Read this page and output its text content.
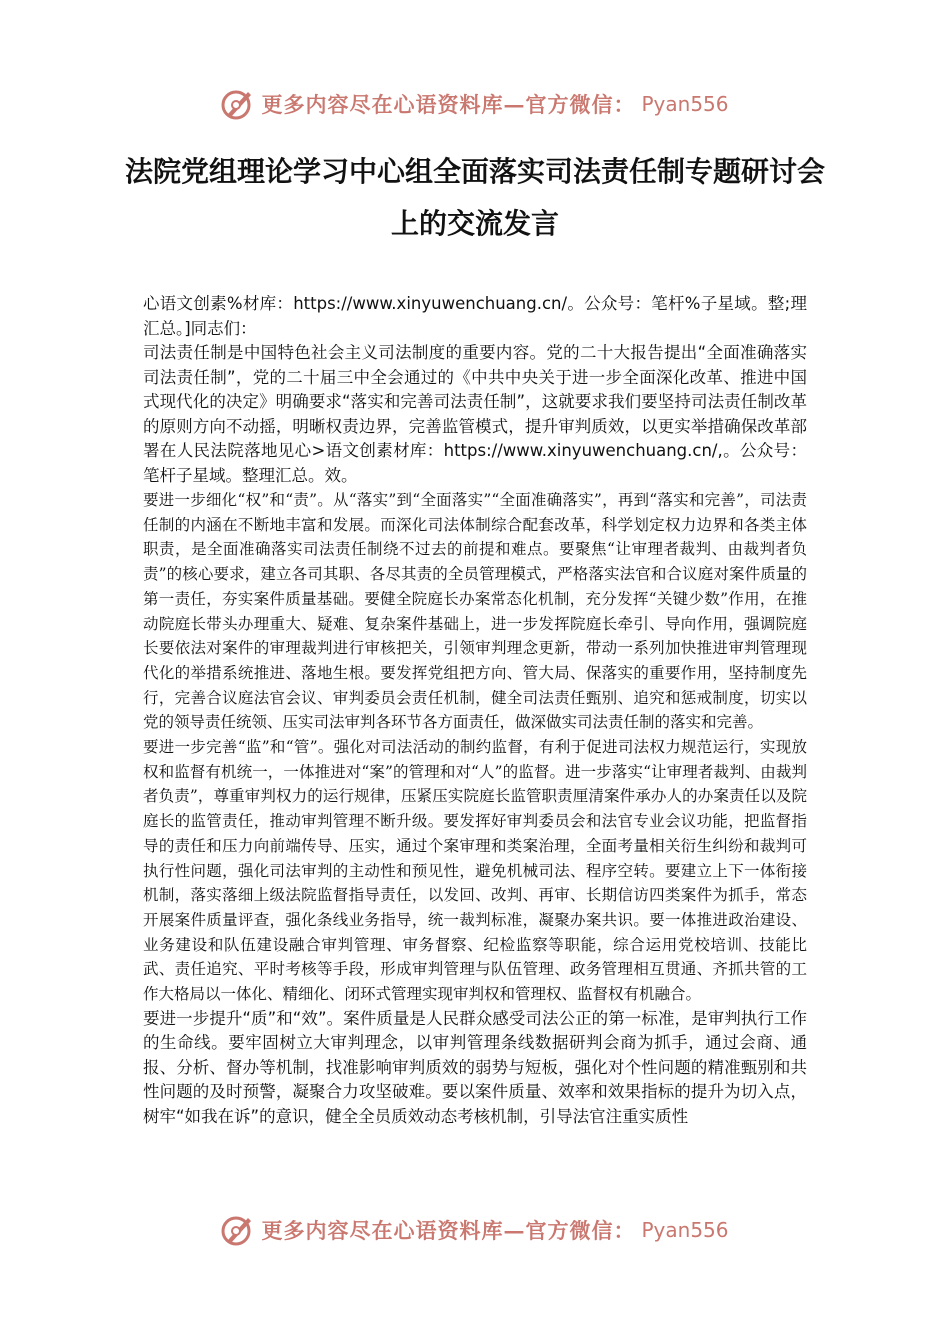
更多内容尽在心语资料库—官方微信： Pyan556
法院党组理论学习中心组全面落实司法责任制专题研讨会上的交流发言

心语文创素%材库：https://www.xinyuwenchuang.cn/。公众号：笔杆%子星域。整;理汇总。]同志们：

司法责任制是中国特色社会主义司法制度的重要内容。党的二十大报告提出“全面准确落实司法责任制”，党的二十届三中全会通过的《中共中央关于进一步全面深化改革、推进中国式现代化的决定》明确要求“落实和完善司法责任制”，这就要求我们要坚持司法责任制改革的原则方向不动摇，明晰权责边界，完善监管模式，提升审判质效，以更实举措确保改革部署在人民法院落地见心>语文创素材库：https://www.xinyuwenchuang.cn/,。公众号：笔杆子星域。整理汇总。效。

要进一步细化“权”和“责”。从“落实”到“全面落实”“全面准确落实”，再到“落实和完善”，司法责任制的内涵在不断地丰富和发展。而深化司法体制综合配套改革，科学划定权力边界和各类主体职责，是全面准确落实司法责任制绕不过去的前提和难点。要聚焦“让审理者裁判、由裁判者负责”的核心要求，建立各司其职、各尽其责的全员管理模式，严格落实法官和合议庭对案件质量的第一责任，夯实案件质量基础。要健全院庭长办案常态化机制，充分发挥“关键少数”作用，在推动院庭长带头办理重大、疑难、复杂案件基础上，进一步发挥院庭长牵引、导向作用，强调院庭长要依法对案件的审理裁判进行审核把关，引领审判理念更新，带动一系列加快推进审判管理现代化的举措系统推进、落地生根。要发挥党组把方向、管大局、保落实的重要作用，坚持制度先行，完善合议庭法官会议、审判委员会责任机制，健全司法责任甄别、追究和惩戒制度，切实以党的领导责任统领、压实司法审判各环节各方面责任，做深做实司法责任制的落实和完善。

要进一步完善“监”和“管”。强化对司法活动的制约监督，有利于促进司法权力规范运行，实现放权和监督有机统一，一体推进对“案”的管理和对“人”的监督。进一步落实“让审理者裁判、由裁判者负责”，尊重审判权力的运行规律，压紧压实院庭长监管职责厘清案件承办人的办案责任以及院庭长的监管责任，推动审判管理不断升级。要发挥好审判委员会和法官专业会议功能，把监督指导的责任和压力向前端传导、压实，通过个案审理和类案治理，全面考量相关衍生纠纷和裁判可执行性问题，强化司法审判的主动性和预见性，避免机械司法、程序空转。要建立上下一体衔接机制，落实落细上级法院监督指导责任，以发回、改判、再审、长期信访四类案件为抓手，常态开展案件质量评查，强化条线业务指导，统一裁判标准，凝聚办案共识。要一体推进政治建设、业务建设和队伍建设融合审判管理、审务督察、纪检监察等职能，综合运用党校培训、技能比武、责任追究、平时考核等手段，形成审判管理与队伍管理、政务管理相互贯通、齐抓共管的工作大格局以一体化、精细化、闭环式管理实现审判权和管理权、监督权有机融合。

要进一步提升“质”和“效”。案件质量是人民群众感受司法公正的第一标准，是审判执行工作的生命线。要牢固树立大审判理念，以审判管理条线数据研判会商为抓手，通过会商、通报、分析、督办等机制，找准影响审判质效的弱势与短板，强化对个性问题的精准甄别和共性问题的及时预警，凝聚合力攻坚破难。要以案件质量、效率和效果指标的提升为切入点，树牢“如我在诉”的意识，健全全员质效动态考核机制，引导法官注重实质性

更多内容尽在心语资料库—官方微信： Pyan556
